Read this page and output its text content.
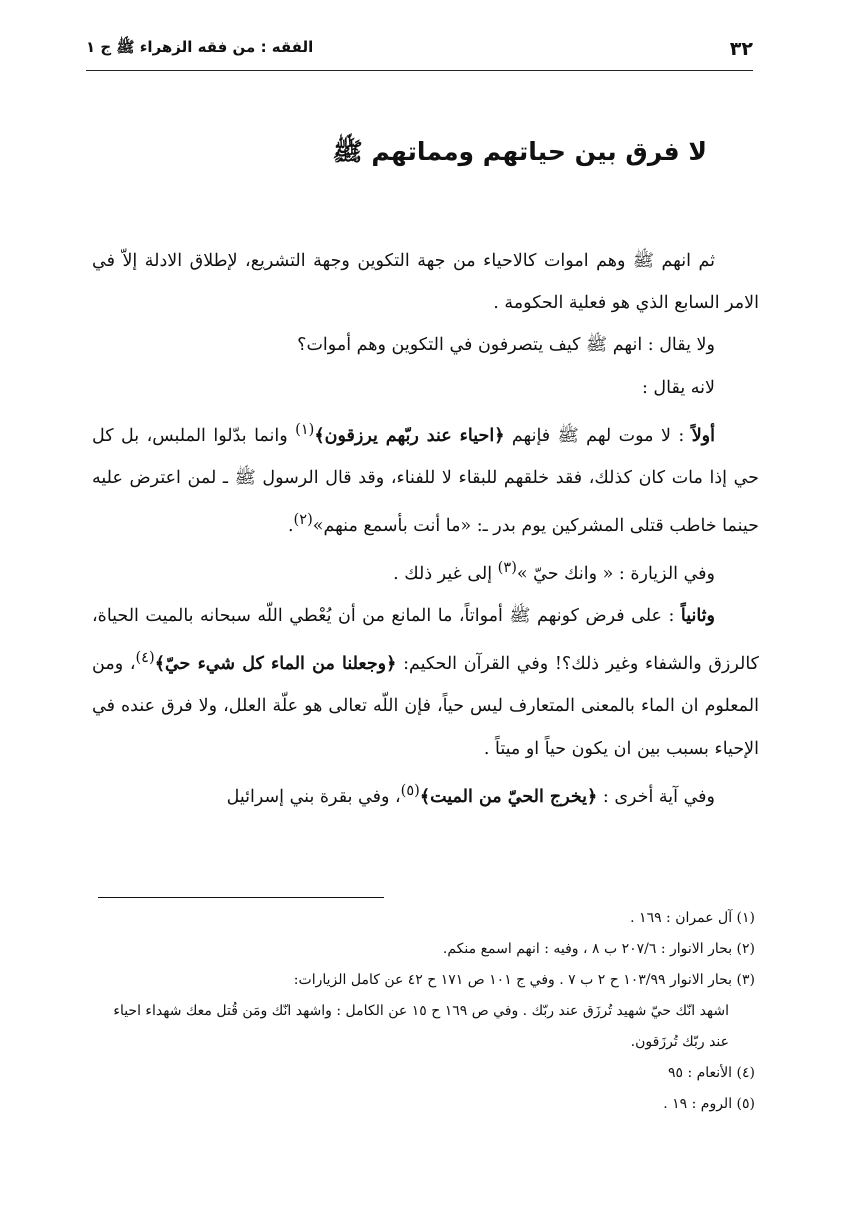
٣٢
الفقه : من فقه الزهراء ﷺ ج ١
لا فرق بين حياتهم ومماتهم ﷺ

ثم انهم ﷺ وهم اموات كالاحياء من جهة التكوين وجهة التشريع، لإطلاق الادلة إلاّ في الامر السابع الذي هو فعلية الحكومة .

ولا يقال : انهم ﷺ كيف يتصرفون في التكوين وهم أموات؟

لانه يقال :

أولاً : لا موت لهم ﷺ فإنهم ﴿احياء عند ربّهم يرزقون﴾$^{(١)}$ وانما بدّلوا الملبس، بل كل حي إذا مات كان كذلك، فقد خلقهم للبقاء لا للفناء، وقد قال الرسول ﷺ ـ لمن اعترض عليه حينما خاطب قتلى المشركين يوم بدر ـ: «ما أنت بأسمع منهم»$^{(٢)}$.

وفي الزيارة : « وانك حيّ »$^{(٣)}$ إلى غير ذلك .

وثانياً : على فرض كونهم ﷺ أمواتاً، ما المانع من أن يُعْطي اللّه سبحانه بالميت الحياة، كالرزق والشفاء وغير ذلك؟! وفي القرآن الحكيم: ﴿وجعلنا من الماء كل شيء حيّ﴾$^{(٤)}$، ومن المعلوم ان الماء بالمعنى المتعارف ليس حياً، فإن اللّه تعالى هو علّة العلل، ولا فرق عنده في الإحياء بسبب بين ان يكون حياً او ميتاً .

وفي آية أخرى : ﴿يخرج الحيّ من الميت﴾$^{(٥)}$، وفي بقرة بني إسرائيل

(١) آل عمران : ١٦٩ .

(٢) بحار الانوار : ٢٠٧/٦ ب ٨ ، وفيه : انهم اسمع منكم.

(٣) بحار الانوار ١٠٣/٩٩ ح ٢ ب ٧ . وفي ج ١٠١ ص ١٧١ ح ٤٢ عن كامل الزيارات:

اشهد انّك حيّ شهيد تُرزَق عند ربّك . وفي ص ١٦٩ ح ١٥ عن الكامل : واشهد انّك ومَن قُتل معك شهداء احياء عند ربّك تُرزَقون.

(٤) الأنعام : ٩٥

(٥) الروم : ١٩ .
